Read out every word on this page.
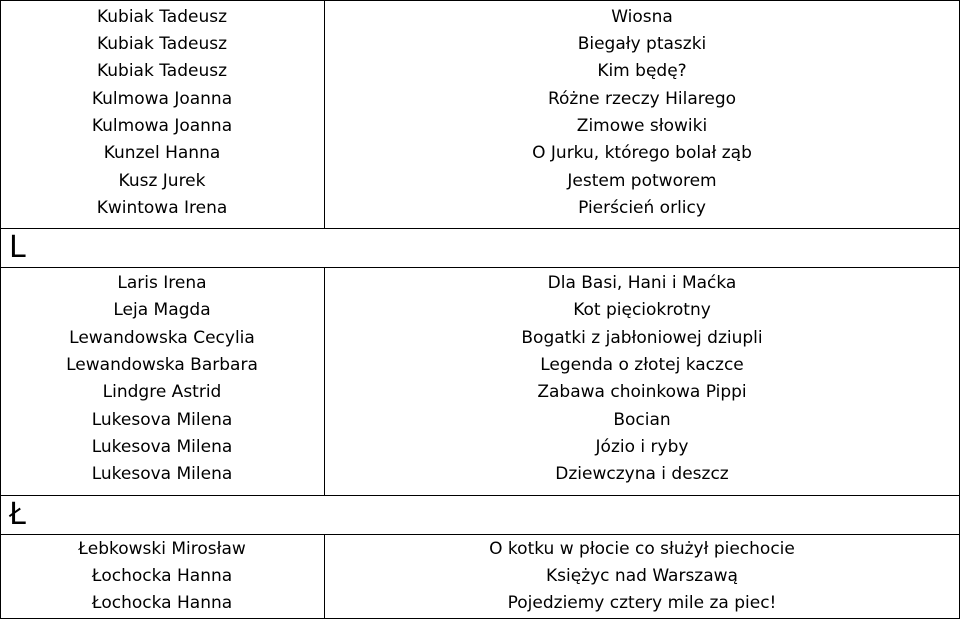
Kubiak Tadeusz	Wiosna
Kubiak Tadeusz	Biegały ptaszki
Kubiak Tadeusz	Kim będę?
Kulmowa Joanna	Różne rzeczy Hilarego
Kulmowa Joanna	Zimowe słowiki
Kunzel Hanna	O Jurku, którego bolał ząb
Kusz Jurek	Jestem potworem
Kwintowa Irena	Pierścień orlicy
L
Laris Irena	Dla Basi, Hani i Maćka
Leja Magda	Kot pięciokrotny
Lewandowska Cecylia	Bogatki z jabłoniowej dziupli
Lewandowska Barbara	Legenda o złotej kaczce
Lindgre Astrid	Zabawa choinkowa Pippi
Lukesova Milena	Bocian
Lukesova Milena	Józio i ryby
Lukesova Milena	Dziewczyna i deszcz
Ł
Łebkowski Mirosław	O kotku w płocie co służył piechocie
Łochocka Hanna	Księżyc nad Warszawą
Łochocka Hanna	Pojedziemy cztery mile za piec!
